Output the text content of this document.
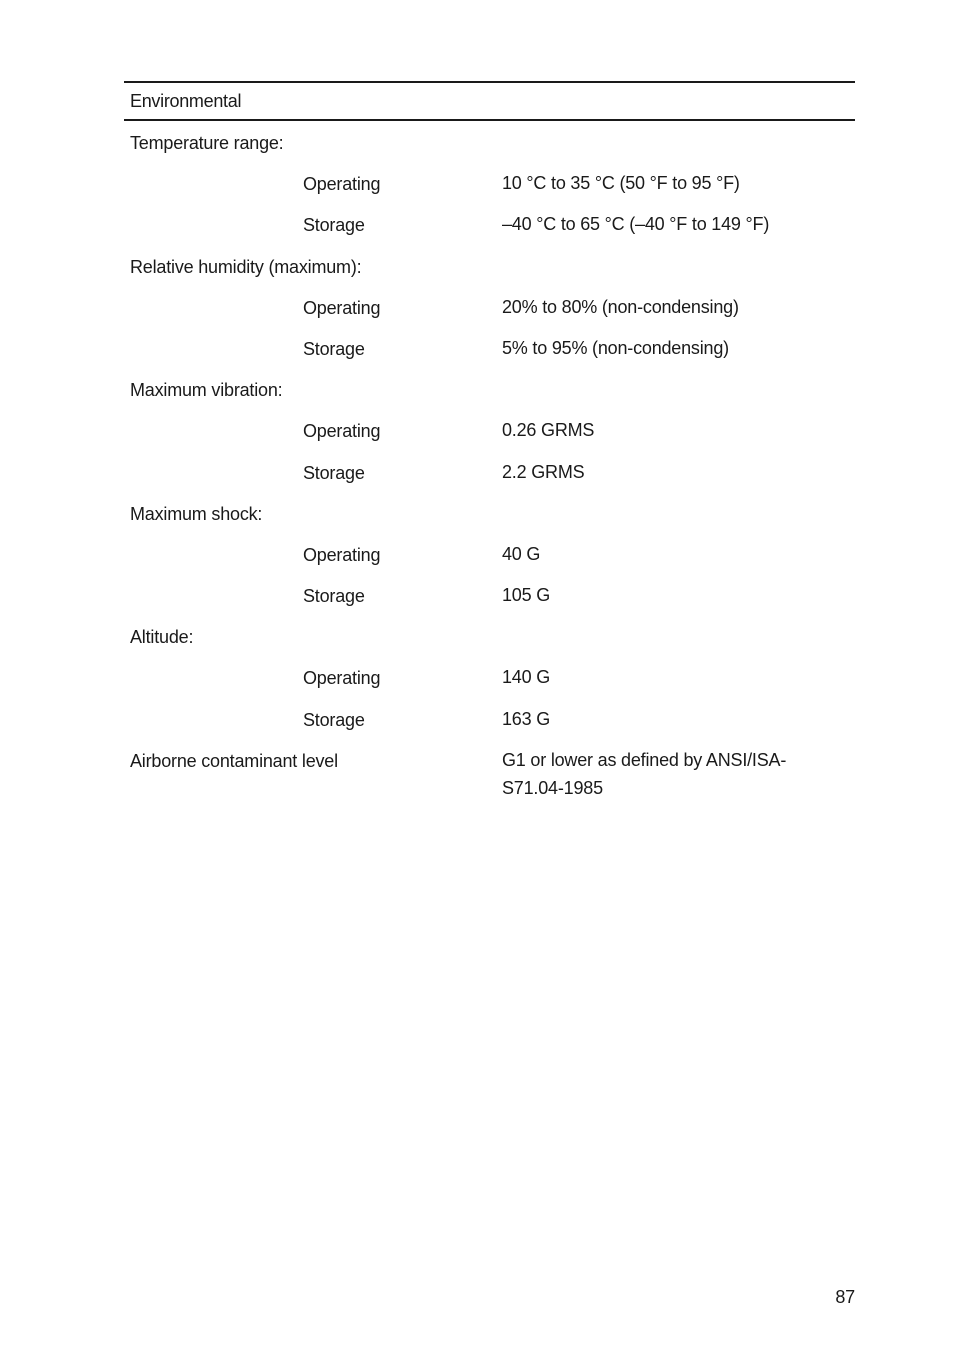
Environmental
Temperature range:
Operating	10 °C to 35 °C (50 °F to 95 °F)
Storage	–40 °C to 65 °C (–40 °F to 149 °F)
Relative humidity (maximum):
Operating	20% to 80% (non-condensing)
Storage	5% to 95% (non-condensing)
Maximum vibration:
Operating	0.26 GRMS
Storage	2.2 GRMS
Maximum shock:
Operating	40 G
Storage	105 G
Altitude:
Operating	140 G
Storage	163 G
Airborne contaminant level	G1 or lower as defined by ANSI/ISA-S71.04-1985
87
